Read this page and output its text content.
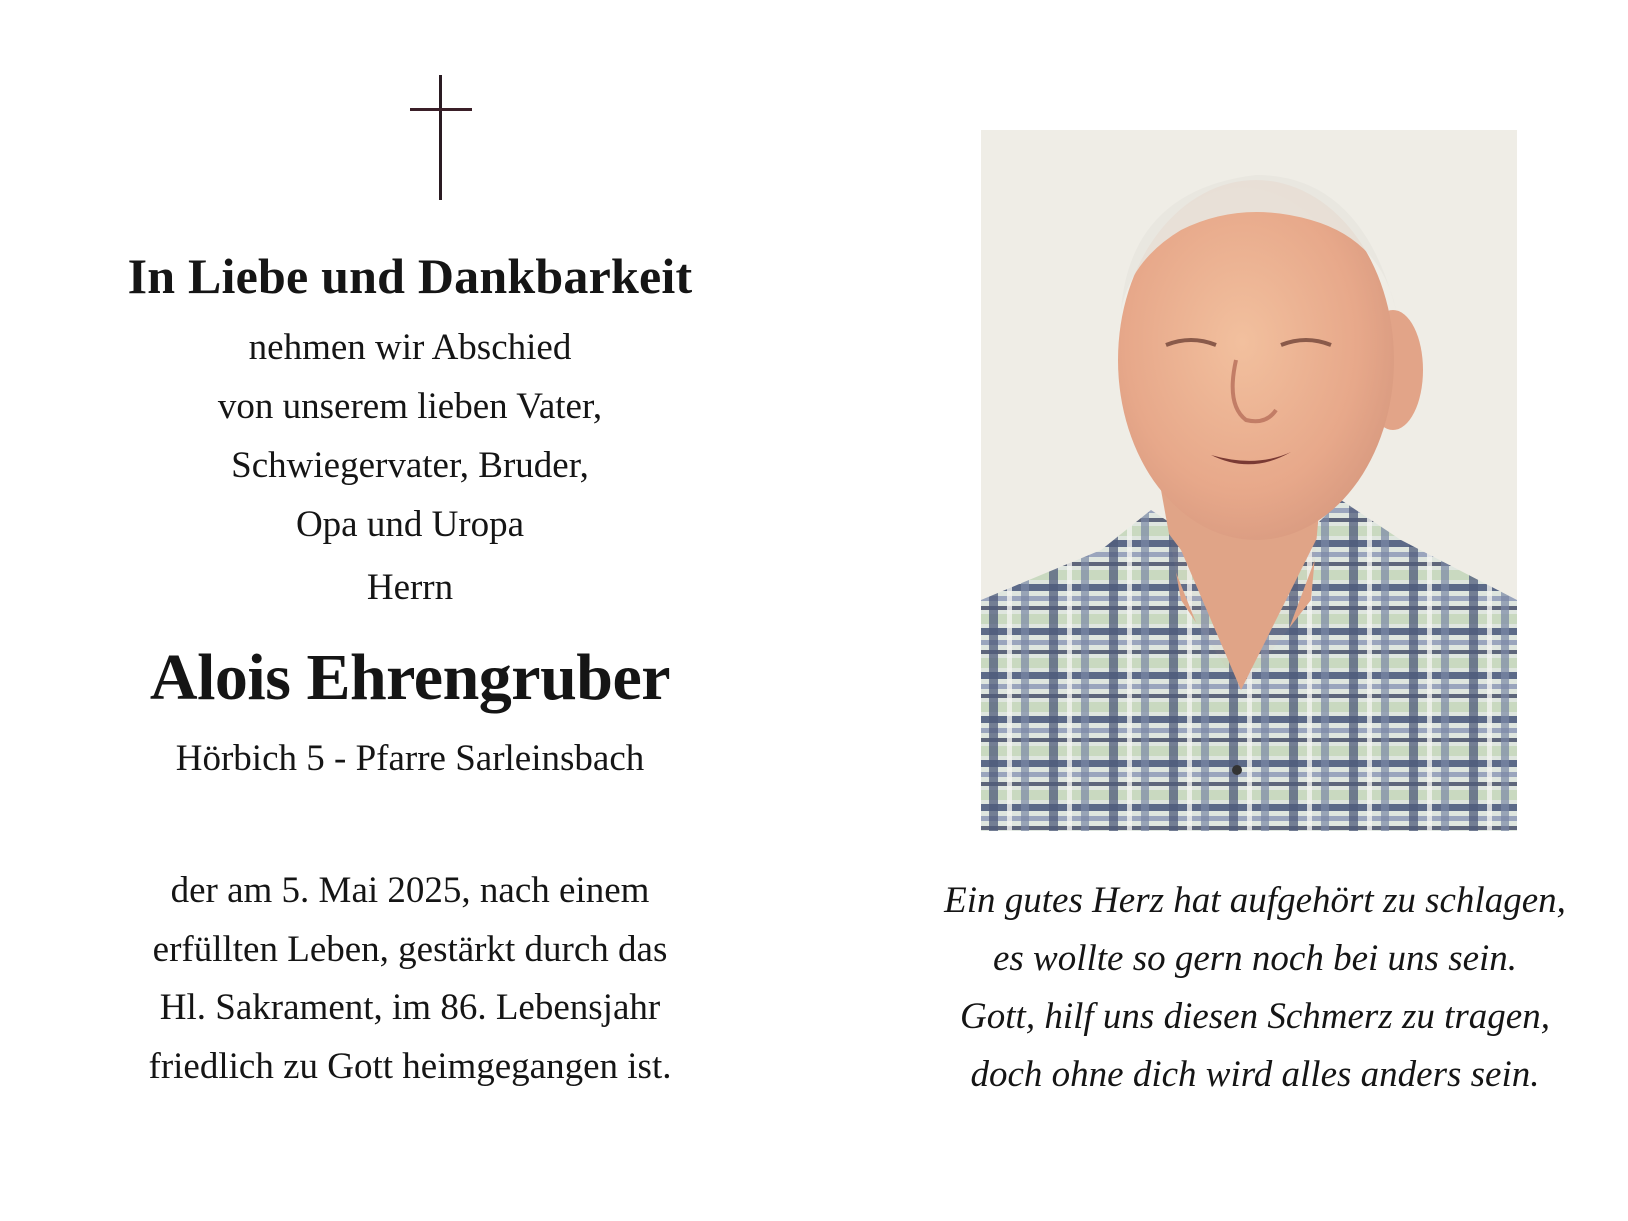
In Liebe und Dankbarkeit
nehmen wir Abschied
von unserem lieben Vater,
Schwiegervater, Bruder,
Opa und Uropa
Herrn
Alois Ehrengruber
Hörbich 5 - Pfarre Sarleinsbach
der am 5. Mai 2025, nach einem
erfüllten Leben, gestärkt durch das
Hl. Sakrament, im 86. Lebensjahr
friedlich zu Gott heimgegangen ist.
Ein gutes Herz hat aufgehört zu schlagen,
es wollte so gern noch bei uns sein.
Gott, hilf uns diesen Schmerz zu tragen,
doch ohne dich wird alles anders sein.
